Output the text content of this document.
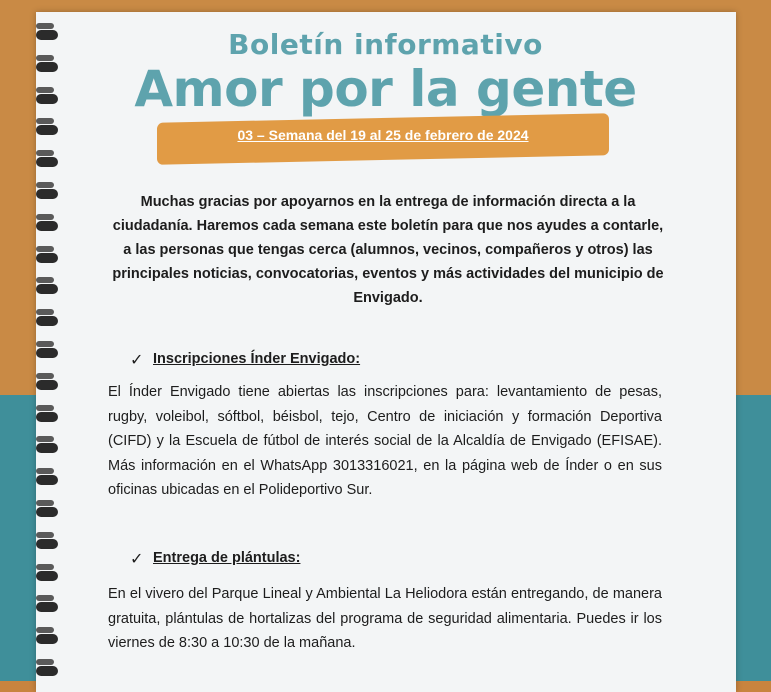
Boletín informativo
Amor por la gente
03 – Semana del 19 al 25 de febrero de 2024
Muchas gracias por apoyarnos en la entrega de información directa a la ciudadanía. Haremos cada semana este boletín para que nos ayudes a contarle, a las personas que tengas cerca (alumnos, vecinos, compañeros y otros) las principales noticias, convocatorias, eventos y más actividades del municipio de Envigado.
✓ Inscripciones Índer Envigado:
El Índer Envigado tiene abiertas las inscripciones para: levantamiento de pesas, rugby, voleibol, sóftbol, béisbol, tejo, Centro de iniciación y formación Deportiva (CIFD) y la Escuela de fútbol de interés social de la Alcaldía de Envigado (EFISAE). Más información en el WhatsApp 3013316021, en la página web de Índer o en sus oficinas ubicadas en el Polideportivo Sur.
✓ Entrega de plántulas:
En el vivero del Parque Lineal y Ambiental La Heliodora están entregando, de manera gratuita, plántulas de hortalizas del programa de seguridad alimentaria. Puedes ir los viernes de 8:30 a 10:30 de la mañana.
